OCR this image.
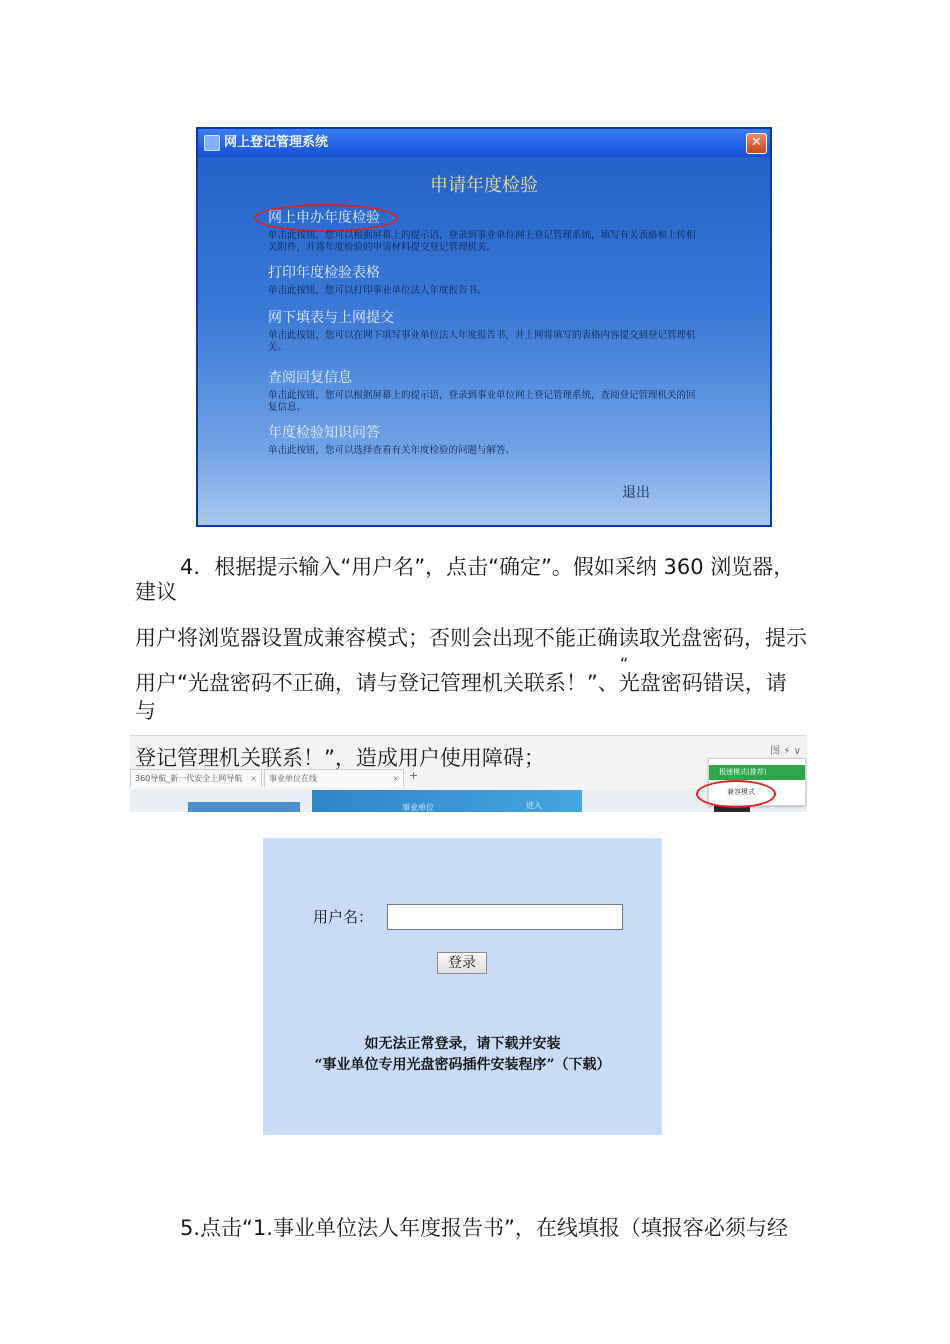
网上登记管理系统	✕
申请年度检验
网上申办年度检验
单击此按钮，您可以根据屏幕上的提示语，登录到事业单位网上登记管理系统，填写有关表格和上传相关附件，并将年度检验的申请材料提交登记管理机关。
打印年度检验表格
单击此按钮，您可以打印事业单位法人年度报告书。
网下填表与上网提交
单击此按钮，您可以在网下填写事业单位法人年度报告书，并上网将填写的表格内容提交到登记管理机关。
查阅回复信息
单击此按钮，您可以根据屏幕上的提示语，登录到事业单位网上登记管理系统，查阅登记管理机关的回复信息。
年度检验知识问答
单击此按钮，您可以选择查看有关年度检验的问题与解答。
退出
4．根据提示输入“用户名”，点击“确定”。假如采纳 360 浏览器，
建议
用户将浏览器设置成兼容模式；否则会出现不能正确读取光盘密码，提示
“
用户“光盘密码不正确，请与登记管理机关联系！”、光盘密码错误，请
与
图 ⚡ ∨
360导航_新一代安全上网导航 ×	事业单位在线	× +
事业单位	进入
极速模式(推荐)
兼容模式
登记管理机关联系！”，造成用户使用障碍；
用户名：
登录
如无法正常登录，请下载并安装
“事业单位专用光盘密码插件安装程序”（下载）
5.点击“1.事业单位法人年度报告书”，在线填报（填报容必须与经
